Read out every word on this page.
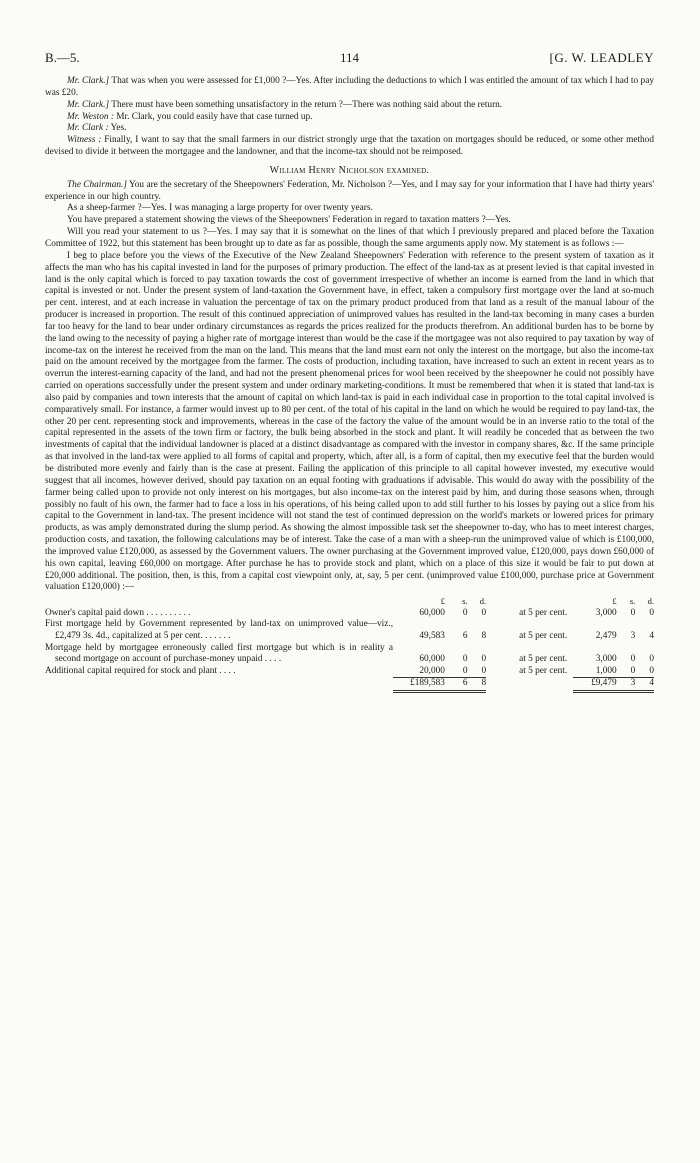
B.—5.	114	[G. W. LEADLEY

Mr. Clark.] That was when you were assessed for £1,000 ?—Yes. After including the deductions to which I was entitled the amount of tax which I had to pay was £20.

Mr. Clark.] There must have been something unsatisfactory in the return ?—There was nothing said about the return.

Mr. Weston : Mr. Clark, you could easily have that case turned up.

Mr. Clark : Yes.

Witness : Finally, I want to say that the small farmers in our district strongly urge that the taxation on mortgages should be reduced, or some other method devised to divide it between the mortgagee and the landowner, and that the income-tax should not be reimposed.

William Henry Nicholson examined.

The Chairman.] You are the secretary of the Sheepowners' Federation, Mr. Nicholson ?—Yes, and I may say for your information that I have had thirty years' experience in our high country.

As a sheep-farmer ?—Yes. I was managing a large property for over twenty years.

You have prepared a statement showing the views of the Sheepowners' Federation in regard to taxation matters ?—Yes.

Will you read your statement to us ?—Yes. I may say that it is somewhat on the lines of that which I previously prepared and placed before the Taxation Committee of 1922, but this statement has been brought up to date as far as possible, though the same arguments apply now. My statement is as follows :—

I beg to place before you the views of the Executive of the New Zealand Sheepowners' Federation with reference to the present system of taxation as it affects the man who has his capital invested in land for the purposes of primary production. The effect of the land-tax as at present levied is that capital invested in land is the only capital which is forced to pay taxation towards the cost of government irrespective of whether an income is earned from the land in which that capital is invested or not. Under the present system of land-taxation the Government have, in effect, taken a compulsory first mortgage over the land at so-much per cent. interest, and at each increase in valuation the percentage of tax on the primary product produced from that land as a result of the manual labour of the producer is increased in proportion. The result of this continued appreciation of unimproved values has resulted in the land-tax becoming in many cases a burden far too heavy for the land to bear under ordinary circumstances as regards the prices realized for the products therefrom. An additional burden has to be borne by the land owing to the necessity of paying a higher rate of mortgage interest than would be the case if the mortgagee was not also required to pay taxation by way of income-tax on the interest he received from the man on the land. This means that the land must earn not only the interest on the mortgage, but also the income-tax paid on the amount received by the mortgagee from the farmer. The costs of production, including taxation, have increased to such an extent in recent years as to overrun the interest-earning capacity of the land, and had not the present phenomenal prices for wool been received by the sheepowner he could not possibly have carried on operations successfully under the present system and under ordinary marketing-conditions. It must be remembered that when it is stated that land-tax is also paid by companies and town interests that the amount of capital on which land-tax is paid in each individual case in proportion to the total capital involved is comparatively small. For instance, a farmer would invest up to 80 per cent. of the total of his capital in the land on which he would be required to pay land-tax, the other 20 per cent. representing stock and improvements, whereas in the case of the factory the value of the amount would be in an inverse ratio to the total of the capital represented in the assets of the town firm or factory, the bulk being absorbed in the stock and plant. It will readily be conceded that as between the two investments of capital that the individual landowner is placed at a distinct disadvantage as compared with the investor in company shares, &c. If the same principle as that involved in the land-tax were applied to all forms of capital and property, which, after all, is a form of capital, then my executive feel that the burden would be distributed more evenly and fairly than is the case at present. Failing the application of this principle to all capital however invested, my executive would suggest that all incomes, however derived, should pay taxation on an equal footing with graduations if advisable. This would do away with the possibility of the farmer being called upon to provide not only interest on his mortgages, but also income-tax on the interest paid by him, and during those seasons when, through possibly no fault of his own, the farmer had to face a loss in his operations, of his being called upon to add still further to his losses by paying out a slice from his capital to the Government in land-tax. The present incidence will not stand the test of continued depression on the world's markets or lowered prices for primary products, as was amply demonstrated during the slump period. As showing the almost impossible task set the sheepowner to-day, who has to meet interest charges, production costs, and taxation, the following calculations may be of interest. Take the case of a man with a sheep-run the unimproved value of which is £100,000, the improved value £120,000, as assessed by the Government valuers. The owner purchasing at the Government improved value, £120,000, pays down £60,000 of his own capital, leaving £60,000 on mortgage. After purchase he has to provide stock and plant, which on a place of this size it would be fair to put down at £20,000 additional. The position, then, is this, from a capital cost viewpoint only, at, say, 5 per cent. (unimproved value £100,000, purchase price at Government valuation £120,000) :—

	£	s.	d.		£	s.	d.

Owner's capital paid down . . . . . . . . . .	60,000	0	0	at 5 per cent.	3,000	0	0

First mortgage held by Government represented by land-tax on unimproved value—viz., £2,479 3s. 4d., capitalized at 5 per cent. . . . . . .	49,583	6	8	at 5 per cent.	2,479	3	4

Mortgage held by mortgagee erroneously called first mortgage but which is in reality a second mortgage on account of purchase-money unpaid . . . .	60,000	0	0	at 5 per cent.	3,000	0	0

Additional capital required for stock and plant . . . .	20,000	0	0	at 5 per cent.	1,000	0	0
	£189,583	6	8		£9,479	3	4
